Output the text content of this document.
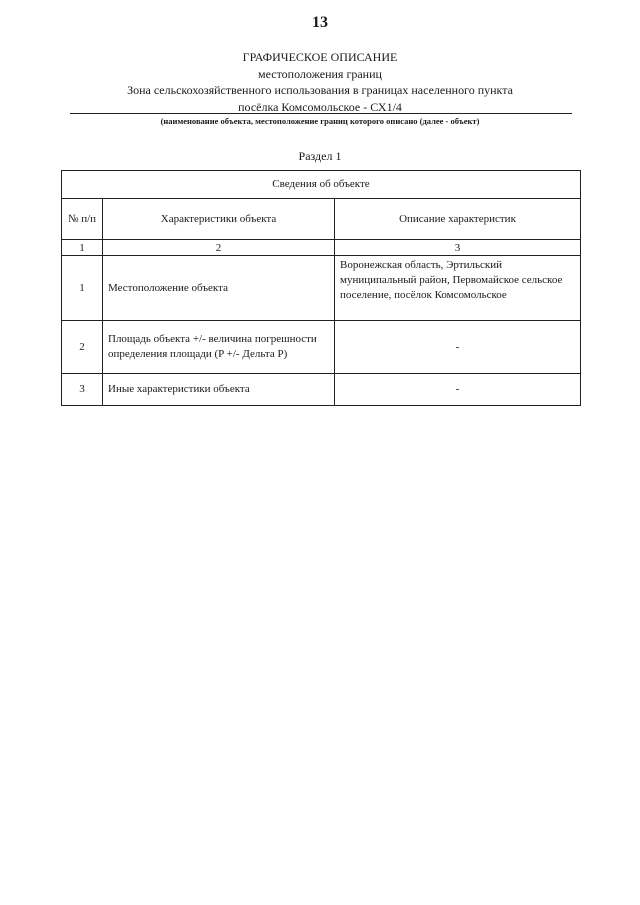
13
ГРАФИЧЕСКОЕ ОПИСАНИЕ
местоположения границ
Зона сельскохозяйственного использования в границах населенного пункта
посёлка Комсомольское - СХ1/4
(наименование объекта, местоположение границ которого описано (далее - объект)
Раздел 1
Сведения об объекте		
№ п/п	Характеристики объекта	Описание характеристик
1	2	3
1	Местоположение объекта	Воронежская область, Эртильский муниципальный район, Первомайское сельское поселение, посёлок Комсомольское
2	Площадь объекта +/- величина погрешности определения площади (P +/- Дельта P)	-
3	Иные характеристики объекта	-
